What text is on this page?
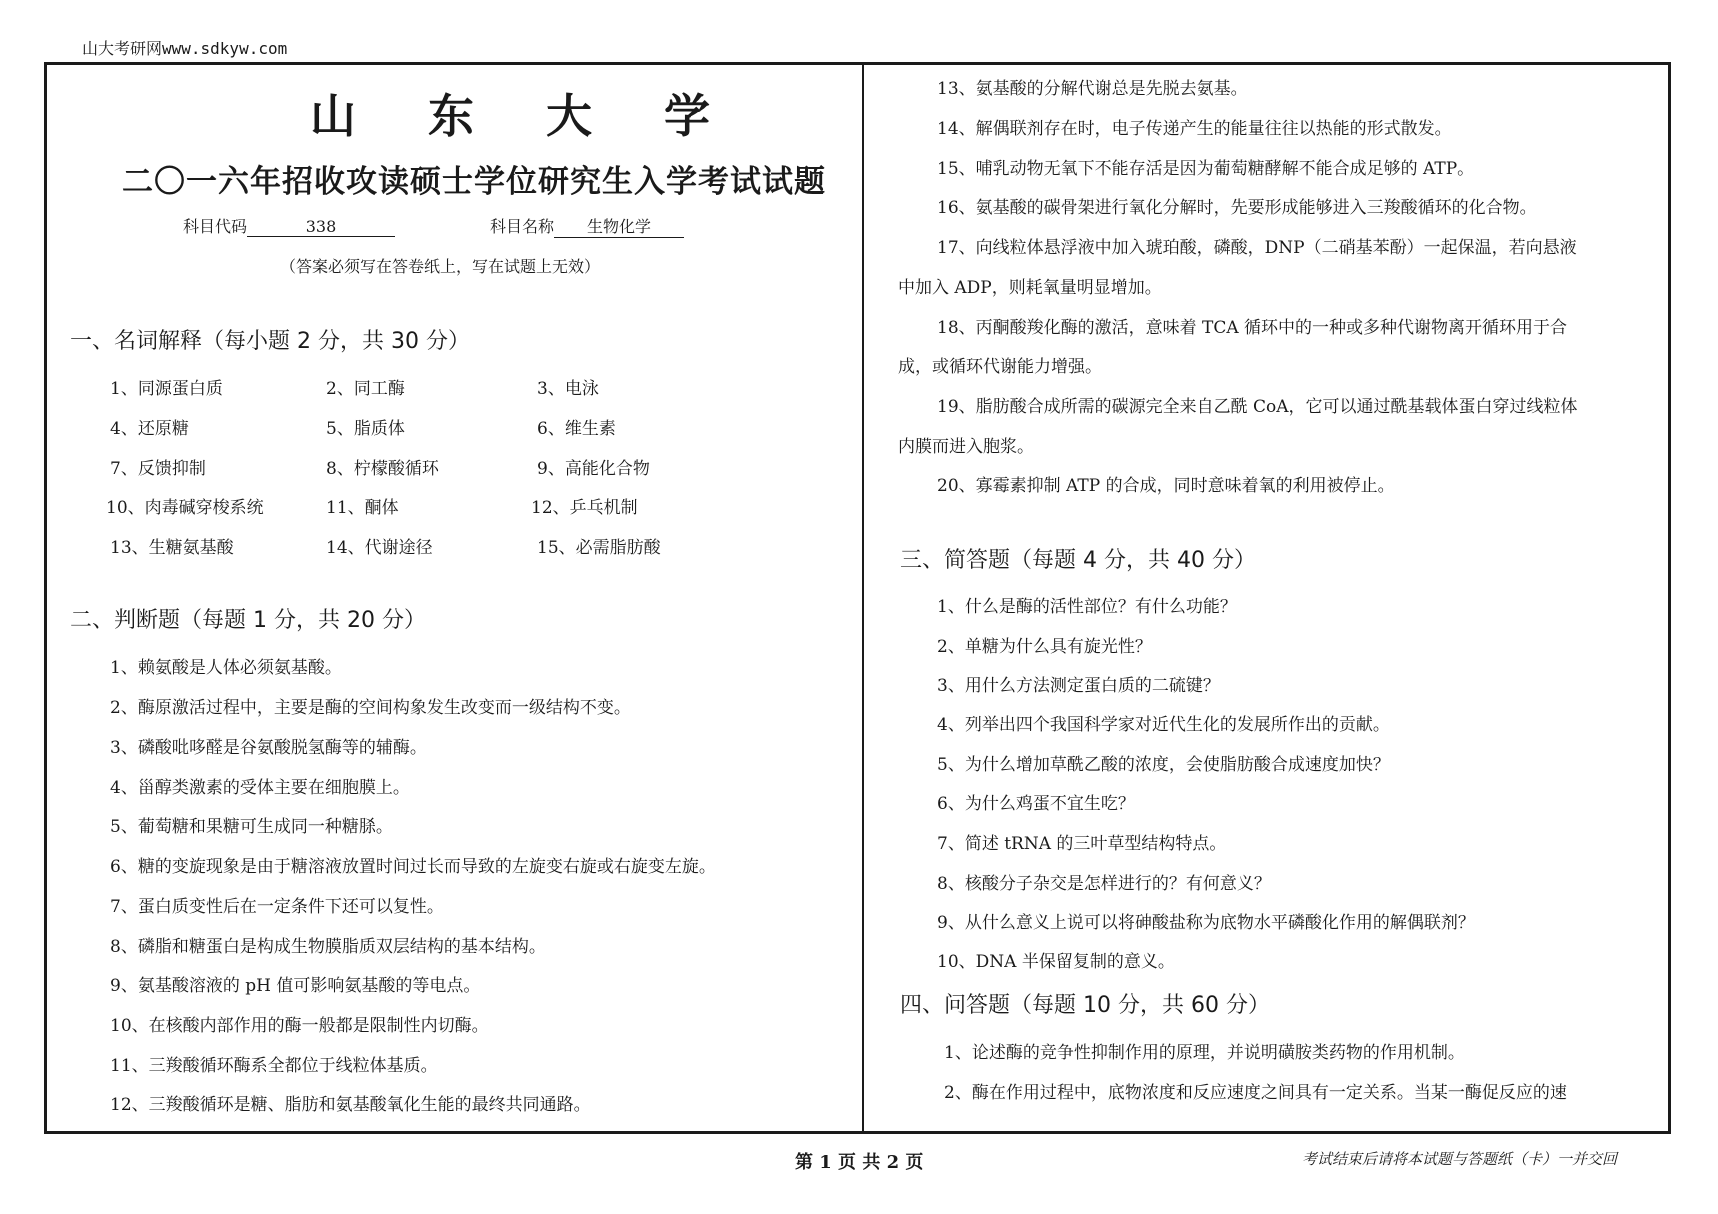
山大考研网www.sdkyw.com
山 东 大 学
二〇一六年招收攻读硕士学位研究生入学考试试题
科目代码	338	科目名称 生物化学
（答案必须写在答卷纸上，写在试题上无效）
一、名词解释（每小题 2 分，共 30 分）
1、同源蛋白质	2、同工酶	3、电泳
4、还原糖	5、脂质体	6、维生素
7、反馈抑制	8、柠檬酸循环	9、高能化合物
10、肉毒碱穿梭系统	11、酮体	12、乒乓机制
13、生糖氨基酸	14、代谢途径	15、必需脂肪酸
二、判断题（每题 1 分，共 20 分）
1、赖氨酸是人体必须氨基酸。
2、酶原激活过程中，主要是酶的空间构象发生改变而一级结构不变。
3、磷酸吡哆醛是谷氨酸脱氢酶等的辅酶。
4、甾醇类激素的受体主要在细胞膜上。
5、葡萄糖和果糖可生成同一种糖脎。
6、糖的变旋现象是由于糖溶液放置时间过长而导致的左旋变右旋或右旋变左旋。
7、蛋白质变性后在一定条件下还可以复性。
8、磷脂和糖蛋白是构成生物膜脂质双层结构的基本结构。
9、氨基酸溶液的 pH 值可影响氨基酸的等电点。
10、在核酸内部作用的酶一般都是限制性内切酶。
11、三羧酸循环酶系全都位于线粒体基质。
12、三羧酸循环是糖、脂肪和氨基酸氧化生能的最终共同通路。
13、氨基酸的分解代谢总是先脱去氨基。
14、解偶联剂存在时，电子传递产生的能量往往以热能的形式散发。
15、哺乳动物无氧下不能存活是因为葡萄糖酵解不能合成足够的 ATP。
16、氨基酸的碳骨架进行氧化分解时，先要形成能够进入三羧酸循环的化合物。
17、向线粒体悬浮液中加入琥珀酸，磷酸，DNP（二硝基苯酚）一起保温，若向悬液
中加入 ADP，则耗氧量明显增加。
18、丙酮酸羧化酶的激活，意味着 TCA 循环中的一种或多种代谢物离开循环用于合
成，或循环代谢能力增强。
19、脂肪酸合成所需的碳源完全来自乙酰 CoA，它可以通过酰基载体蛋白穿过线粒体
内膜而进入胞浆。
20、寡霉素抑制 ATP 的合成，同时意味着氧的利用被停止。
三、简答题（每题 4 分，共 40 分）
1、什么是酶的活性部位？有什么功能？
2、单糖为什么具有旋光性？
3、用什么方法测定蛋白质的二硫键？
4、列举出四个我国科学家对近代生化的发展所作出的贡献。
5、为什么增加草酰乙酸的浓度，会使脂肪酸合成速度加快？
6、为什么鸡蛋不宜生吃？
7、简述 tRNA 的三叶草型结构特点。
8、核酸分子杂交是怎样进行的？有何意义？
9、从什么意义上说可以将砷酸盐称为底物水平磷酸化作用的解偶联剂？
10、DNA 半保留复制的意义。
四、问答题（每题 10 分，共 60 分）
1、论述酶的竞争性抑制作用的原理，并说明磺胺类药物的作用机制。
2、酶在作用过程中，底物浓度和反应速度之间具有一定关系。当某一酶促反应的速
第 1 页 共 2 页	考试结束后请将本试题与答题纸（卡）一并交回
